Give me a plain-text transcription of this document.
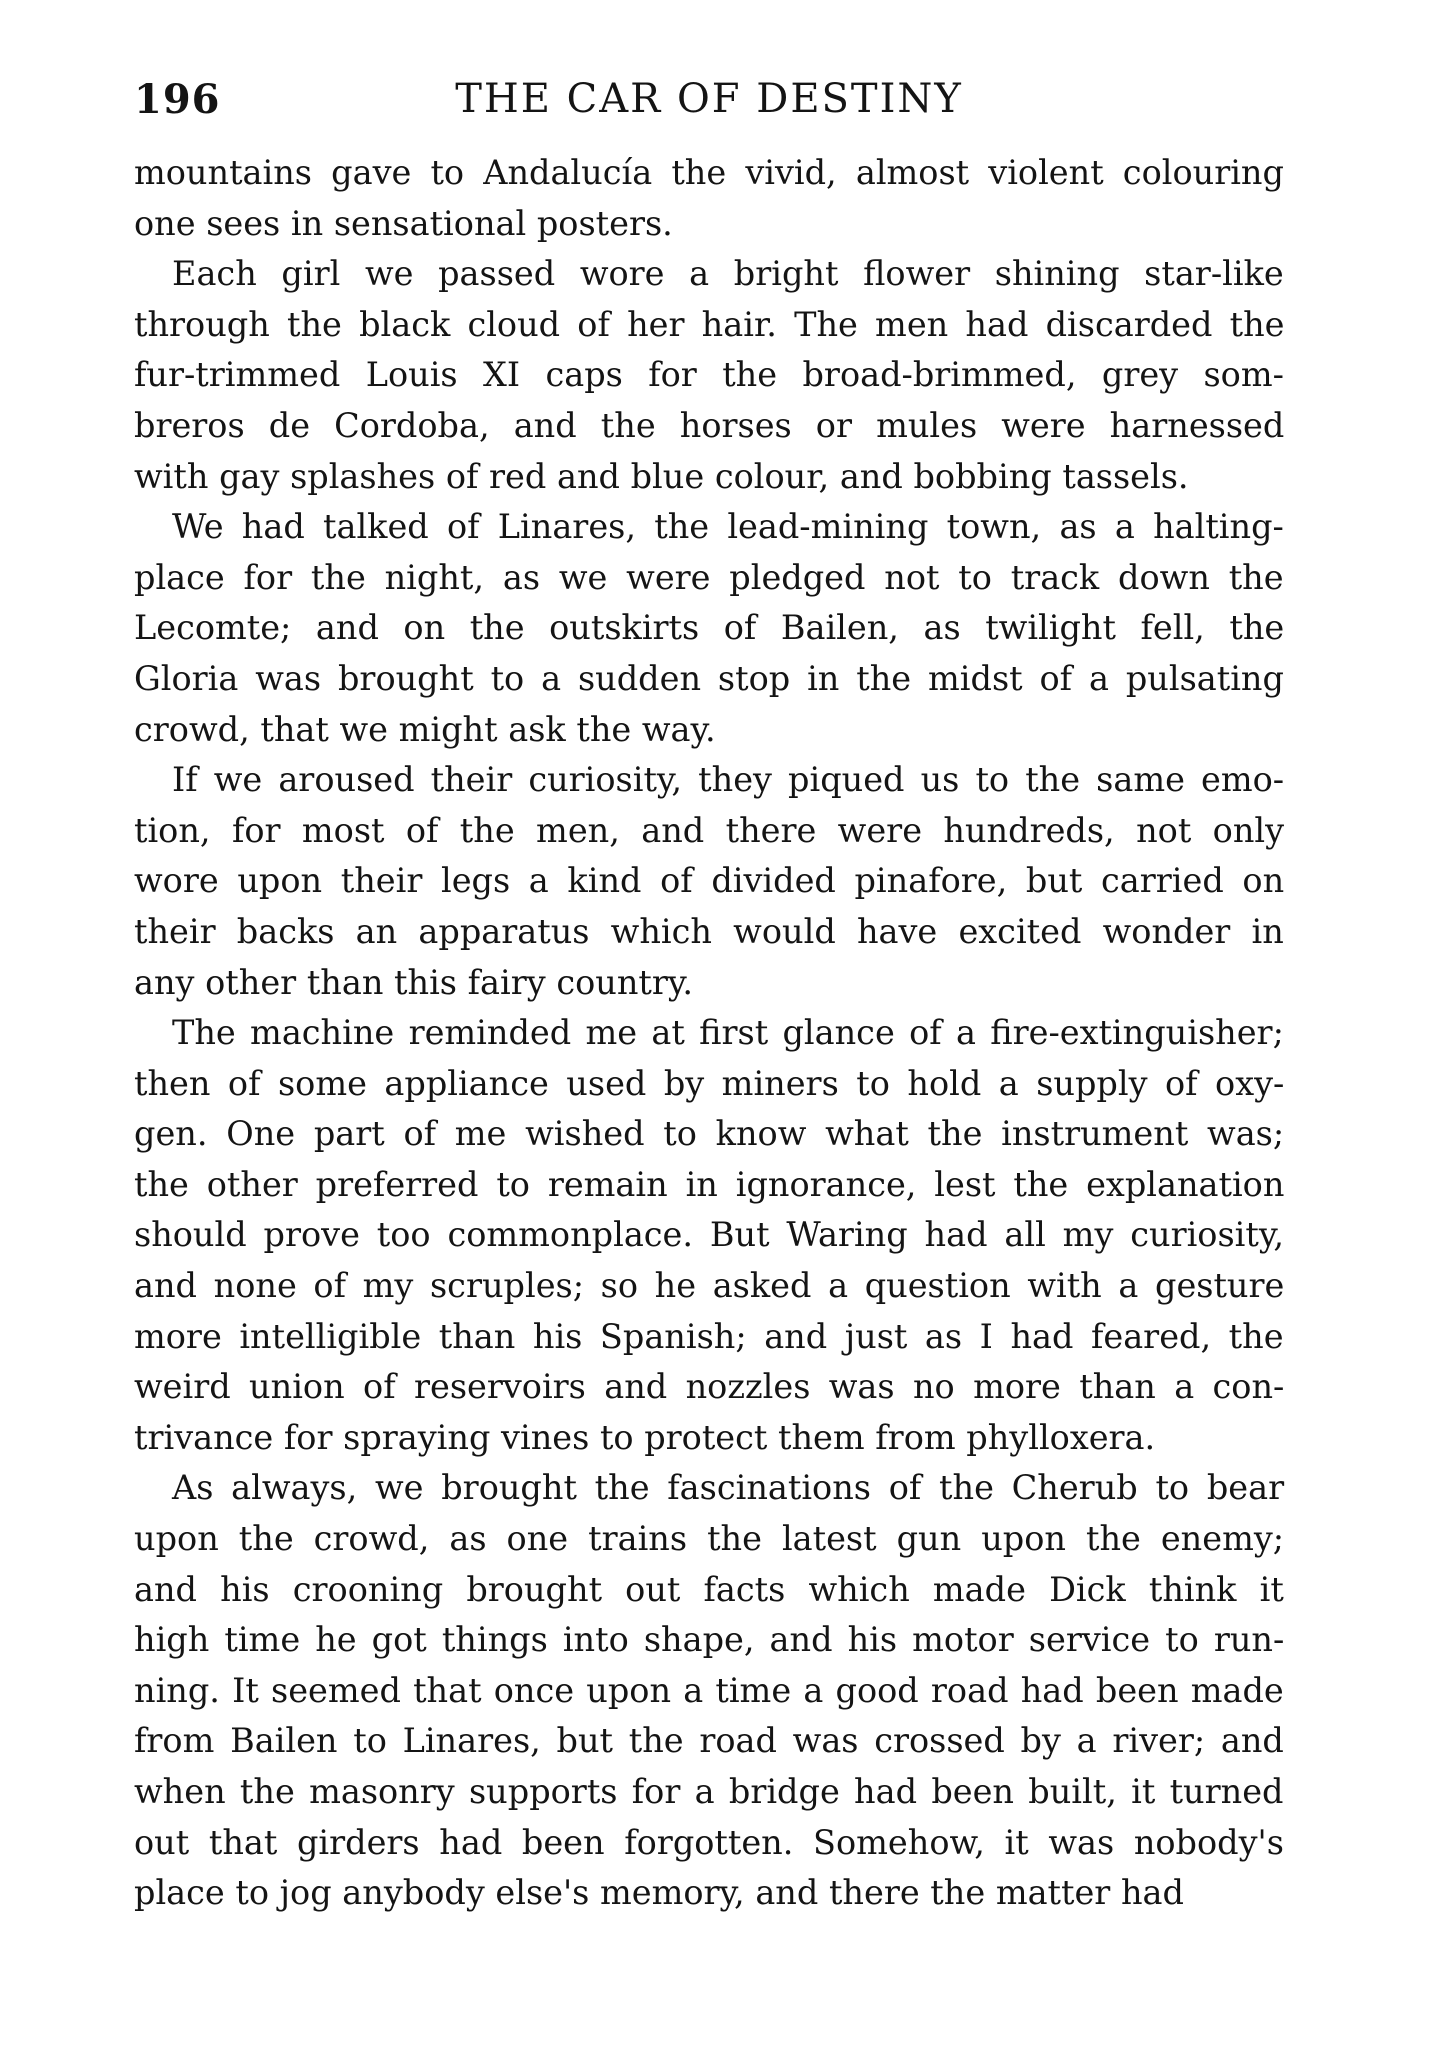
196	THE CAR OF DESTINY

mountains gave to Andalucía the vivid, almost violent colouring
one sees in sensational posters.

Each girl we passed wore a bright flower shining star-like
through the black cloud of her hair. The men had discarded the
fur-trimmed Louis XI caps for the broad-brimmed, grey som-
breros de Cordoba, and the horses or mules were harnessed
with gay splashes of red and blue colour, and bobbing tassels.

We had talked of Linares, the lead-mining town, as a halting-
place for the night, as we were pledged not to track down the
Lecomte; and on the outskirts of Bailen, as twilight fell, the
Gloria was brought to a sudden stop in the midst of a pulsating
crowd, that we might ask the way.

If we aroused their curiosity, they piqued us to the same emo-
tion, for most of the men, and there were hundreds, not only
wore upon their legs a kind of divided pinafore, but carried on
their backs an apparatus which would have excited wonder in
any other than this fairy country.

The machine reminded me at first glance of a fire-extinguisher;
then of some appliance used by miners to hold a supply of oxy-
gen. One part of me wished to know what the instrument was;
the other preferred to remain in ignorance, lest the explanation
should prove too commonplace. But Waring had all my curiosity,
and none of my scruples; so he asked a question with a gesture
more intelligible than his Spanish; and just as I had feared, the
weird union of reservoirs and nozzles was no more than a con-
trivance for spraying vines to protect them from phylloxera.

As always, we brought the fascinations of the Cherub to bear
upon the crowd, as one trains the latest gun upon the enemy;
and his crooning brought out facts which made Dick think it
high time he got things into shape, and his motor service to run-
ning. It seemed that once upon a time a good road had been made
from Bailen to Linares, but the road was crossed by a river; and
when the masonry supports for a bridge had been built, it turned
out that girders had been forgotten. Somehow, it was nobody's
place to jog anybody else's memory, and there the matter had
